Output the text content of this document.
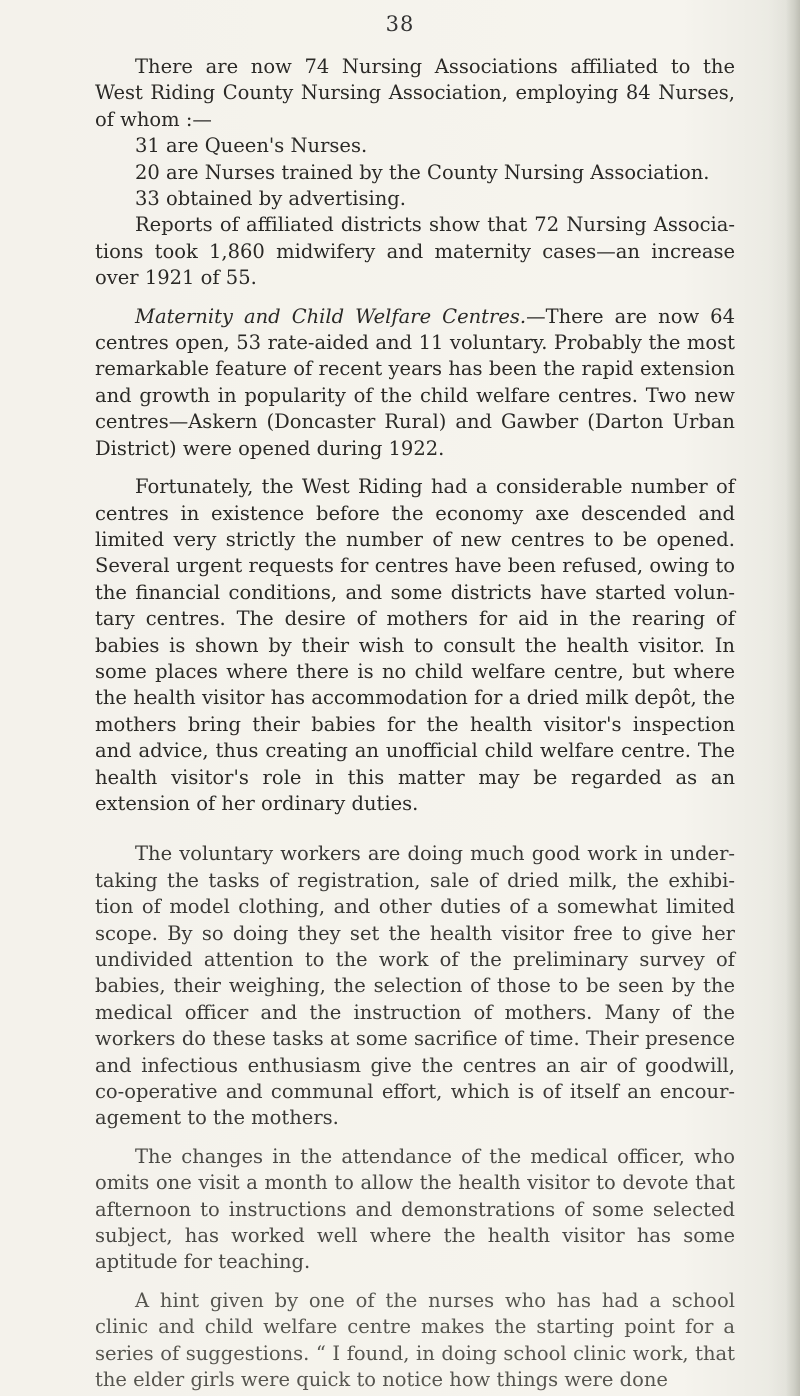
38

There are now 74 Nursing Associations affiliated to the West Riding County Nursing Association, employing 84 Nurses, of whom :—

31 are Queen's Nurses.

20 are Nurses trained by the County Nursing Association.

33 obtained by advertising.

Reports of affiliated districts show that 72 Nursing Associa- tions took 1,860 midwifery and maternity cases—an increase over 1921 of 55.

Maternity and Child Welfare Centres.—There are now 64 centres open, 53 rate-aided and 11 voluntary. Probably the most remarkable feature of recent years has been the rapid extension and growth in popularity of the child welfare centres. Two new centres—Askern (Doncaster Rural) and Gawber (Darton Urban District) were opened during 1922.

Fortunately, the West Riding had a considerable number of centres in existence before the economy axe descended and limited very strictly the number of new centres to be opened. Several urgent requests for centres have been refused, owing to the financial conditions, and some districts have started volun- tary centres. The desire of mothers for aid in the rearing of babies is shown by their wish to consult the health visitor. In some places where there is no child welfare centre, but where the health visitor has accommodation for a dried milk depôt, the mothers bring their babies for the health visitor's inspection and advice, thus creating an unofficial child welfare centre. The health visitor's role in this matter may be regarded as an extension of her ordinary duties.

The voluntary workers are doing much good work in under- taking the tasks of registration, sale of dried milk, the exhibi- tion of model clothing, and other duties of a somewhat limited scope. By so doing they set the health visitor free to give her undivided attention to the work of the preliminary survey of babies, their weighing, the selection of those to be seen by the medical officer and the instruction of mothers. Many of the workers do these tasks at some sacrifice of time. Their presence and infectious enthusiasm give the centres an air of goodwill, co-operative and communal effort, which is of itself an encour- agement to the mothers.

The changes in the attendance of the medical officer, who omits one visit a month to allow the health visitor to devote that afternoon to instructions and demonstrations of some selected subject, has worked well where the health visitor has some aptitude for teaching.

A hint given by one of the nurses who has had a school clinic and child welfare centre makes the starting point for a series of suggestions. “ I found, in doing school clinic work, that the elder girls were quick to notice how things were done
